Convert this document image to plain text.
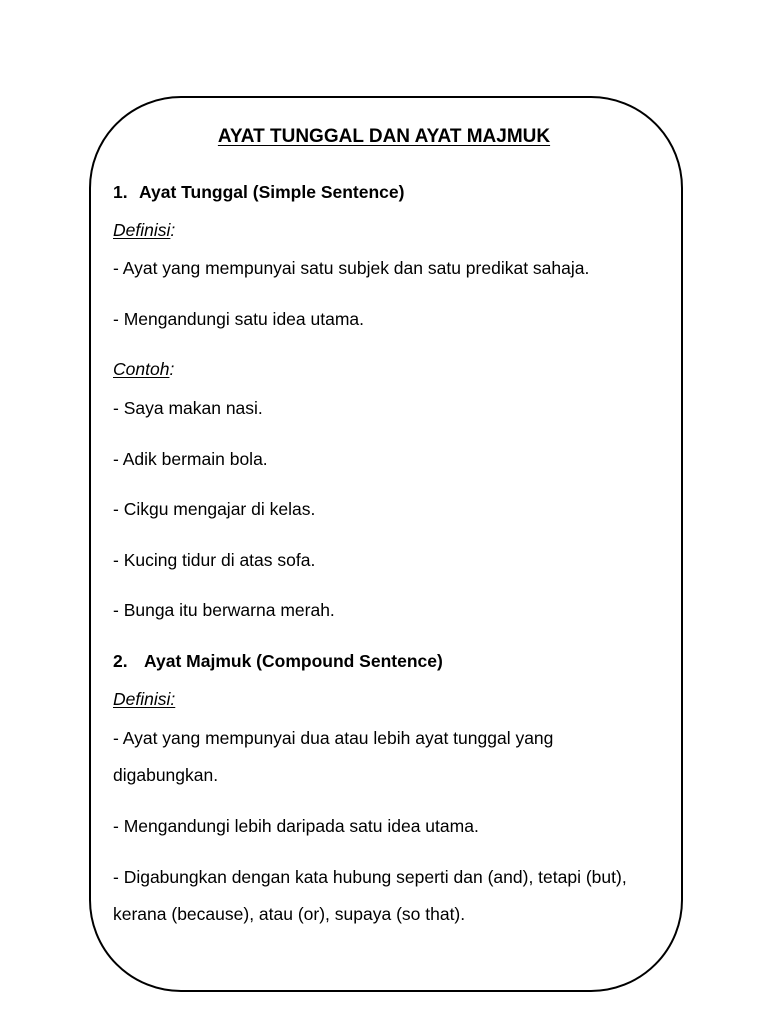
AYAT TUNGGAL DAN AYAT MAJMUK
1. Ayat Tunggal (Simple Sentence)
Definisi:
- Ayat yang mempunyai satu subjek dan satu predikat sahaja.
- Mengandungi satu idea utama.
Contoh:
- Saya makan nasi.
- Adik bermain bola.
- Cikgu mengajar di kelas.
- Kucing tidur di atas sofa.
- Bunga itu berwarna merah.
2. Ayat Majmuk (Compound Sentence)
Definisi:
- Ayat yang mempunyai dua atau lebih ayat tunggal yang
digabungkan.
- Mengandungi lebih daripada satu idea utama.
- Digabungkan dengan kata hubung seperti dan (and), tetapi (but),
kerana (because), atau (or), supaya (so that).
